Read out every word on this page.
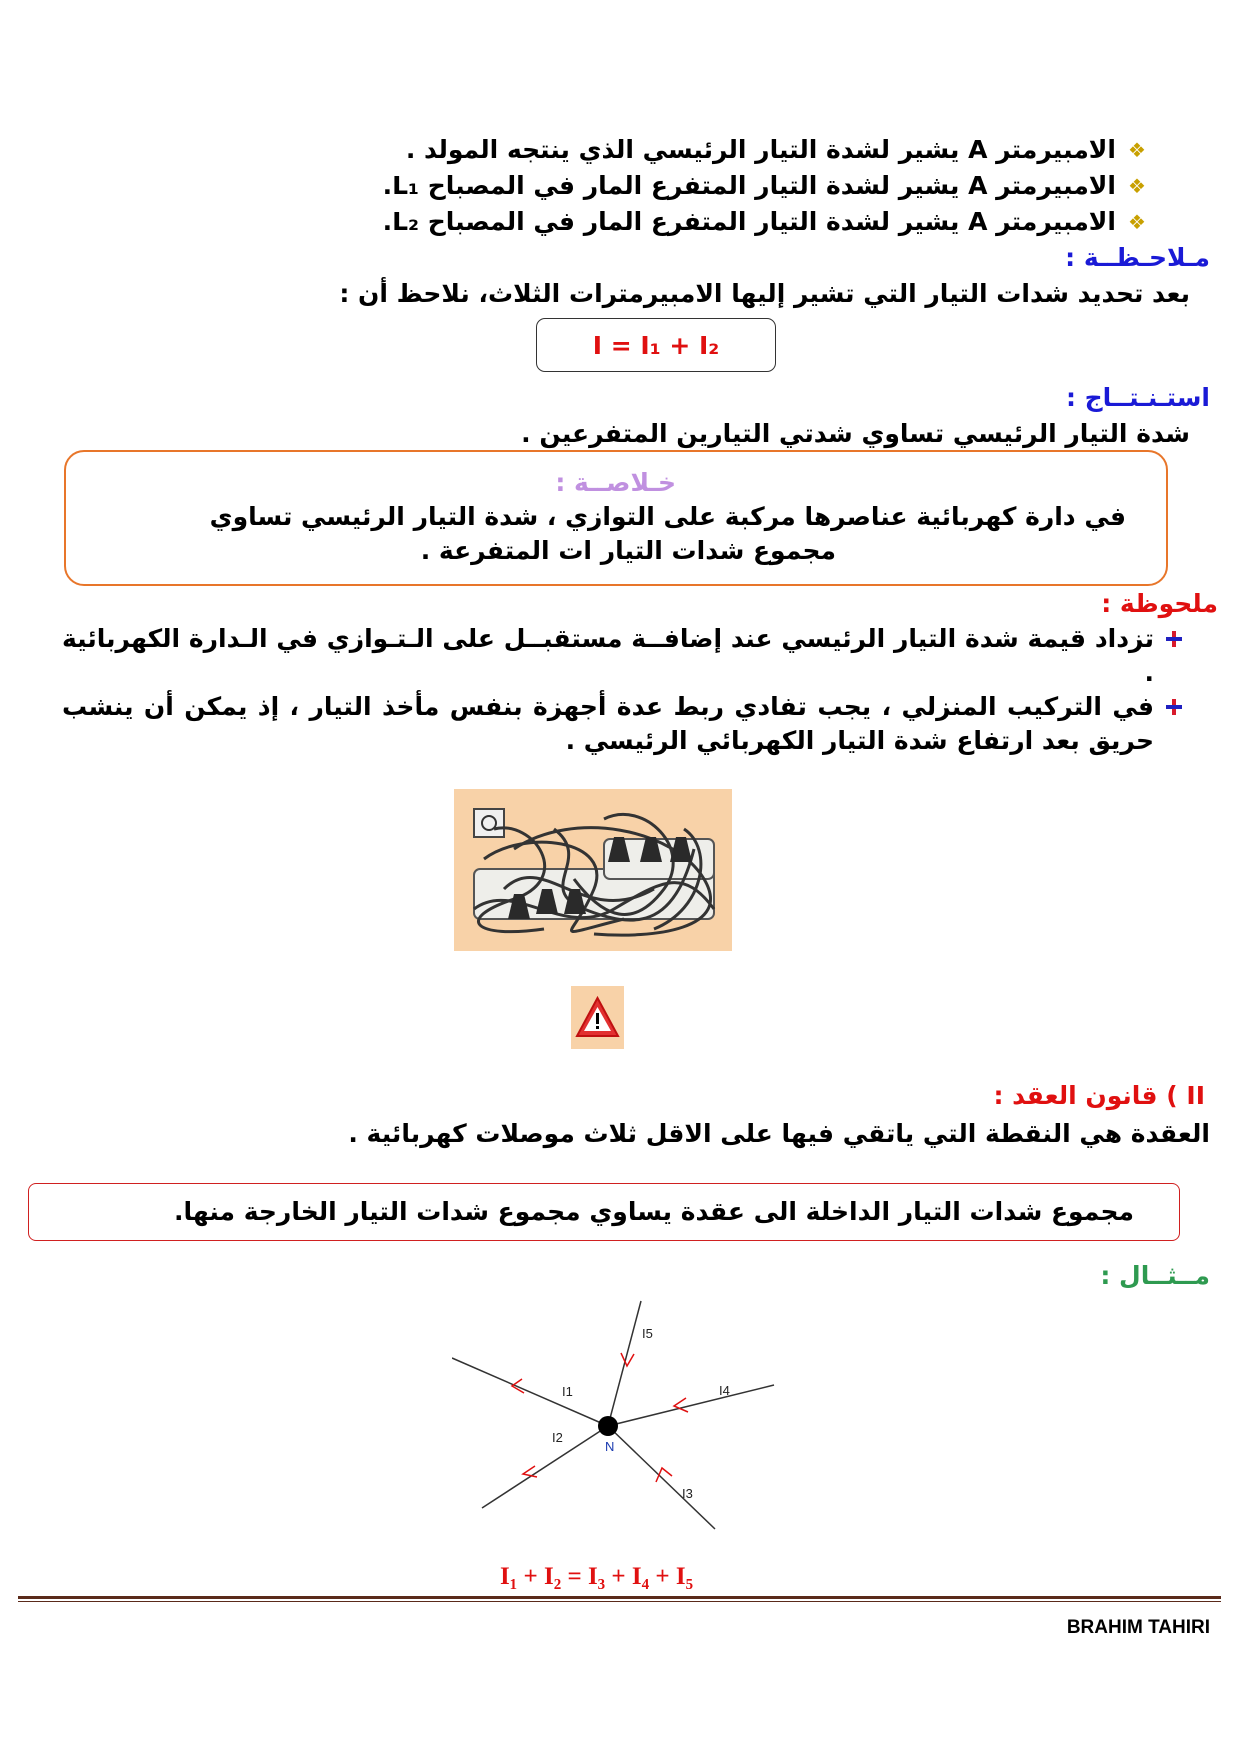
❖
الامبيرمتر A يشير لشدة التيار الرئيسي الذي ينتجه المولد .
❖
الامبيرمتر A يشير لشدة التيار المتفرع المار في المصباح L₁.
❖
الامبيرمتر A يشير لشدة التيار المتفرع المار في المصباح L₂.
مـلاحـظــة :
بعد تحديد شدات التيار التي تشير إليها الامبيرمترات الثلاث، نلاحظ أن :
I = I₁ + I₂
استـنـتــاج :
شدة التيار الرئيسي تساوي شدتي التيارين المتفرعين .
خـلاصــة :
في دارة كهربائية عناصرها مركبة على التوازي ، شدة التيار الرئيسي تساوي
مجموع شدات التيار ات المتفرعة .
ملحوظة :
تزداد قيمة شدة التيار الرئيسي عند إضافــة مستقبــل على الـتـوازي في الـدارة الكهربائية .
في التركيب المنزلي ، يجب تفادي ربط عدة أجهزة بنفس مأخذ التيار ، إذ يمكن أن ينشب حريق بعد ارتفاع شدة التيار الكهربائي الرئيسي .
II ) قانون العقد :
العقدة هي النقطة التي ياتقي فيها على الاقل ثلاث موصلات كهربائية .
مجموع شدات التيار الداخلة الى عقدة يساوي مجموع شدات التيار الخارجة منها.
مــثــال :
N
I1
I2
I3
I4
I5
I₁ + I₂ = I₃ + I₄ + I₅
BRAHIM TAHIRI
